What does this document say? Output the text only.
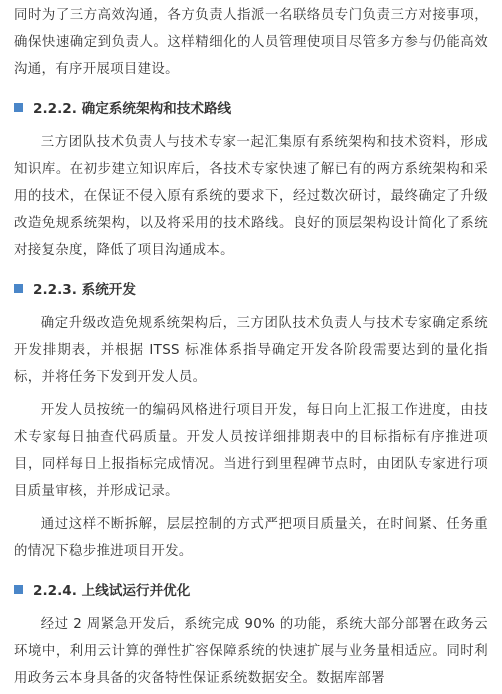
同时为了三方高效沟通，各方负责人指派一名联络员专门负责三方对接事项，确保快速确定到负责人。这样精细化的人员管理使项目尽管多方参与仍能高效沟通，有序开展项目建设。

2.2.2. 确定系统架构和技术路线

三方团队技术负责人与技术专家一起汇集原有系统架构和技术资料，形成知识库。在初步建立知识库后，各技术专家快速了解已有的两方系统架构和采用的技术，在保证不侵入原有系统的要求下，经过数次研讨，最终确定了升级改造免规系统架构，以及将采用的技术路线。良好的顶层架构设计简化了系统对接复杂度，降低了项目沟通成本。

2.2.3. 系统开发

确定升级改造免规系统架构后，三方团队技术负责人与技术专家确定系统开发排期表，并根据 ITSS 标准体系指导确定开发各阶段需要达到的量化指标，并将任务下发到开发人员。

开发人员按统一的编码风格进行项目开发，每日向上汇报工作进度，由技术专家每日抽查代码质量。开发人员按详细排期表中的目标指标有序推进项目，同样每日上报指标完成情况。当进行到里程碑节点时，由团队专家进行项目质量审核，并形成记录。

通过这样不断拆解，层层控制的方式严把项目质量关，在时间紧、任务重的情况下稳步推进项目开发。

2.2.4. 上线试运行并优化

经过 2 周紧急开发后，系统完成 90% 的功能，系统大部分部署在政务云环境中，利用云计算的弹性扩容保障系统的快速扩展与业务量相适应。同时利用政务云本身具备的灾备特性保证系统数据安全。数据库部署
